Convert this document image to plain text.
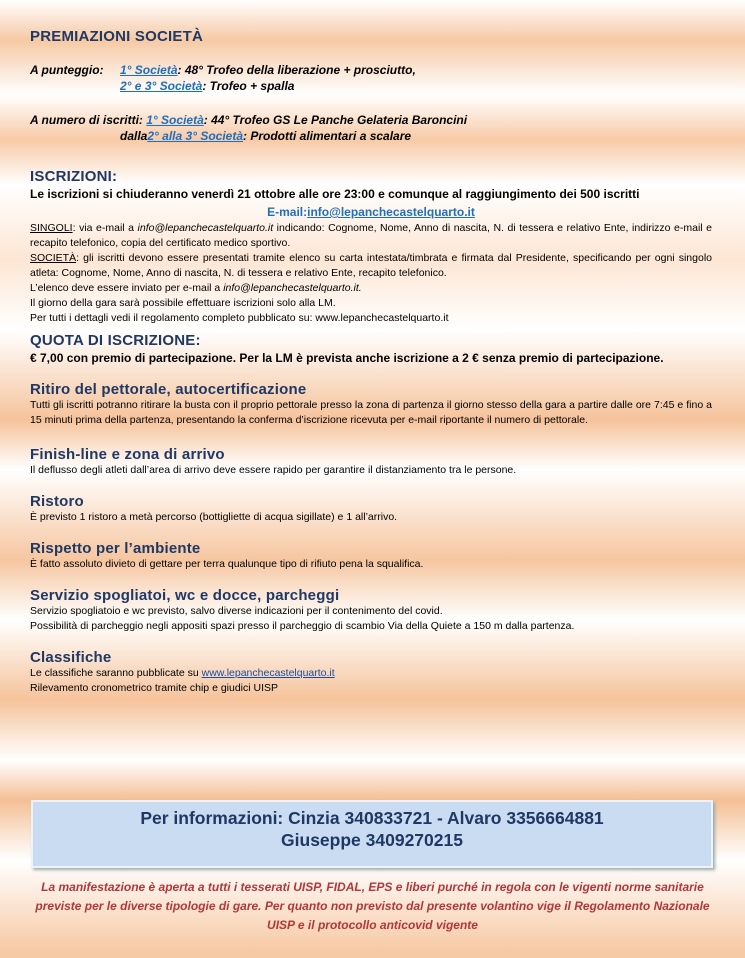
PREMIAZIONI SOCIETÀ
A punteggio: 1° Società: 48° Trofeo della liberazione + prosciutto,
2° e 3° Società: Trofeo + spalla
A numero di iscritti: 1° Società: 44° Trofeo GS Le Panche Gelateria Baroncini
dalla2° alla 3° Società: Prodotti alimentari a scalare
ISCRIZIONI:
Le iscrizioni si chiuderanno venerdì 21 ottobre alle ore 23:00 e comunque al raggiungimento dei 500 iscritti
E-mail:info@lepanchecastelquarto.it
SINGOLI: via e-mail a info@lepanchecastelquarto.it indicando: Cognome, Nome, Anno di nascita, N. di tessera e relativo Ente, indirizzo e-mail e recapito telefonico, copia del certificato medico sportivo.
SOCIETÀ: gli iscritti devono essere presentati tramite elenco su carta intestata/timbrata e firmata dal Presidente, specificando per ogni singolo atleta: Cognome, Nome, Anno di nascita, N. di tessera e relativo Ente, recapito telefonico.
L’elenco deve essere inviato per e-mail a info@lepanchecastelquarto.it.
Il giorno della gara sarà possibile effettuare iscrizioni solo alla LM.
Per tutti i dettagli vedi il regolamento completo pubblicato su: www.lepanchecastelquarto.it
QUOTA DI ISCRIZIONE:
€ 7,00 con premio di partecipazione. Per la LM è prevista anche iscrizione a 2 € senza premio di partecipazione.
Ritiro del pettorale, autocertificazione
Tutti gli iscritti potranno ritirare la busta con il proprio pettorale presso la zona di partenza il giorno stesso della gara a partire dalle ore 7:45 e fino a 15 minuti prima della partenza, presentando la conferma d’iscrizione ricevuta per e-mail riportante il numero di pettorale.
Finish-line e zona di arrivo
Il deflusso degli atleti dall’area di arrivo deve essere rapido per garantire il distanziamento tra le persone.
Ristoro
È previsto 1 ristoro a metà percorso (bottigliette di acqua sigillate) e 1 all’arrivo.
Rispetto per l’ambiente
È fatto assoluto divieto di gettare per terra qualunque tipo di rifiuto pena la squalifica.
Servizio spogliatoi, wc e docce, parcheggi
Servizio spogliatoio e wc previsto, salvo diverse indicazioni per il contenimento del covid.
Possibilità di parcheggio negli appositi spazi presso il parcheggio di scambio Via della Quiete a 150 m dalla partenza.
Classifiche
Le classifiche saranno pubblicate su www.lepanchecastelquarto.it
Rilevamento cronometrico tramite chip e giudici UISP
Per informazioni: Cinzia 340833721 - Alvaro 3356664881
Giuseppe 3409270215
La manifestazione è aperta a tutti i tesserati UISP, FIDAL, EPS e liberi purché in regola con le vigenti norme sanitarie previste per le diverse tipologie di gare. Per quanto non previsto dal presente volantino vige il Regolamento Nazionale UISP e il protocollo anticovid vigente
